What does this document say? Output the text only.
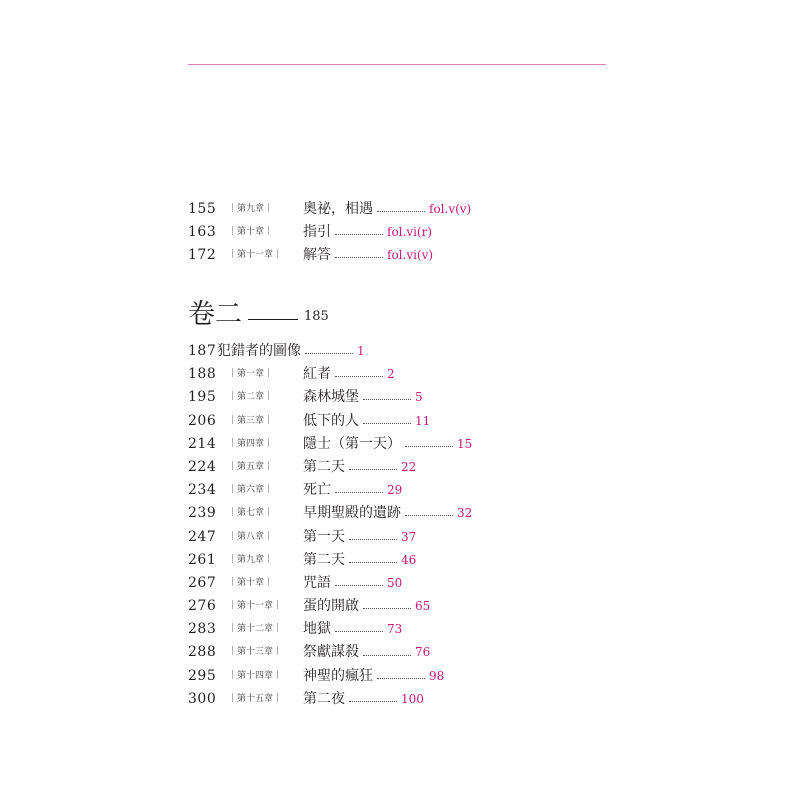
155 ｜第九章｜ 奧祕，相遇	fol.v(v)
163 ｜第十章｜ 指引	fol.vi(r)
172 ｜第十一章｜ 解答	fol.vi(v)
卷二	185
187 犯錯者的圖像	1
188 ｜第一章｜ 紅者	2
195 ｜第二章｜ 森林城堡	5
206 ｜第三章｜ 低下的人	11
214 ｜第四章｜ 隱士（第一天）	15
224 ｜第五章｜ 第二天	22
234 ｜第六章｜ 死亡	29
239 ｜第七章｜ 早期聖殿的遺跡	32
247 ｜第八章｜ 第一天	37
261 ｜第九章｜ 第二天	46
267 ｜第十章｜ 咒語	50
276 ｜第十一章｜ 蛋的開啟	65
283 ｜第十二章｜ 地獄	73
288 ｜第十三章｜ 祭獻謀殺	76
295 ｜第十四章｜ 神聖的瘋狂	98
300 ｜第十五章｜ 第二夜	100
